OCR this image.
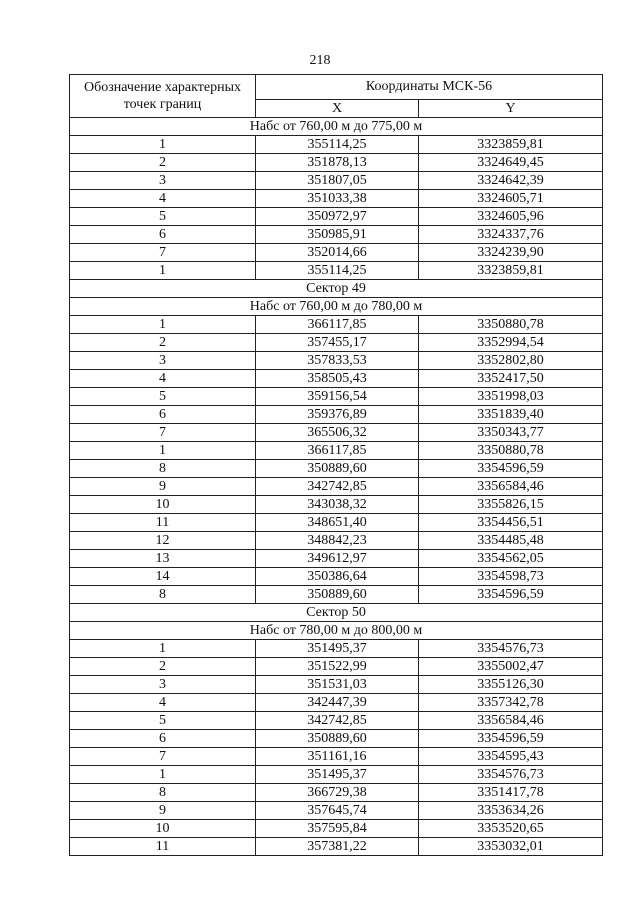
218
Обозначение характерных точек границ	Координаты МСК-56	
	X	Y
Набс от 760,00 м до 775,00 м		
1	355114,25	3323859,81
2	351878,13	3324649,45
3	351807,05	3324642,39
4	351033,38	3324605,71
5	350972,97	3324605,96
6	350985,91	3324337,76
7	352014,66	3324239,90
1	355114,25	3323859,81
Сектор 49		
Набс от 760,00 м до 780,00 м		
1	366117,85	3350880,78
2	357455,17	3352994,54
3	357833,53	3352802,80
4	358505,43	3352417,50
5	359156,54	3351998,03
6	359376,89	3351839,40
7	365506,32	3350343,77
1	366117,85	3350880,78
8	350889,60	3354596,59
9	342742,85	3356584,46
10	343038,32	3355826,15
11	348651,40	3354456,51
12	348842,23	3354485,48
13	349612,97	3354562,05
14	350386,64	3354598,73
8	350889,60	3354596,59
Сектор 50		
Набс от 780,00 м до 800,00 м		
1	351495,37	3354576,73
2	351522,99	3355002,47
3	351531,03	3355126,30
4	342447,39	3357342,78
5	342742,85	3356584,46
6	350889,60	3354596,59
7	351161,16	3354595,43
1	351495,37	3354576,73
8	366729,38	3351417,78
9	357645,74	3353634,26
10	357595,84	3353520,65
11	357381,22	3353032,01
